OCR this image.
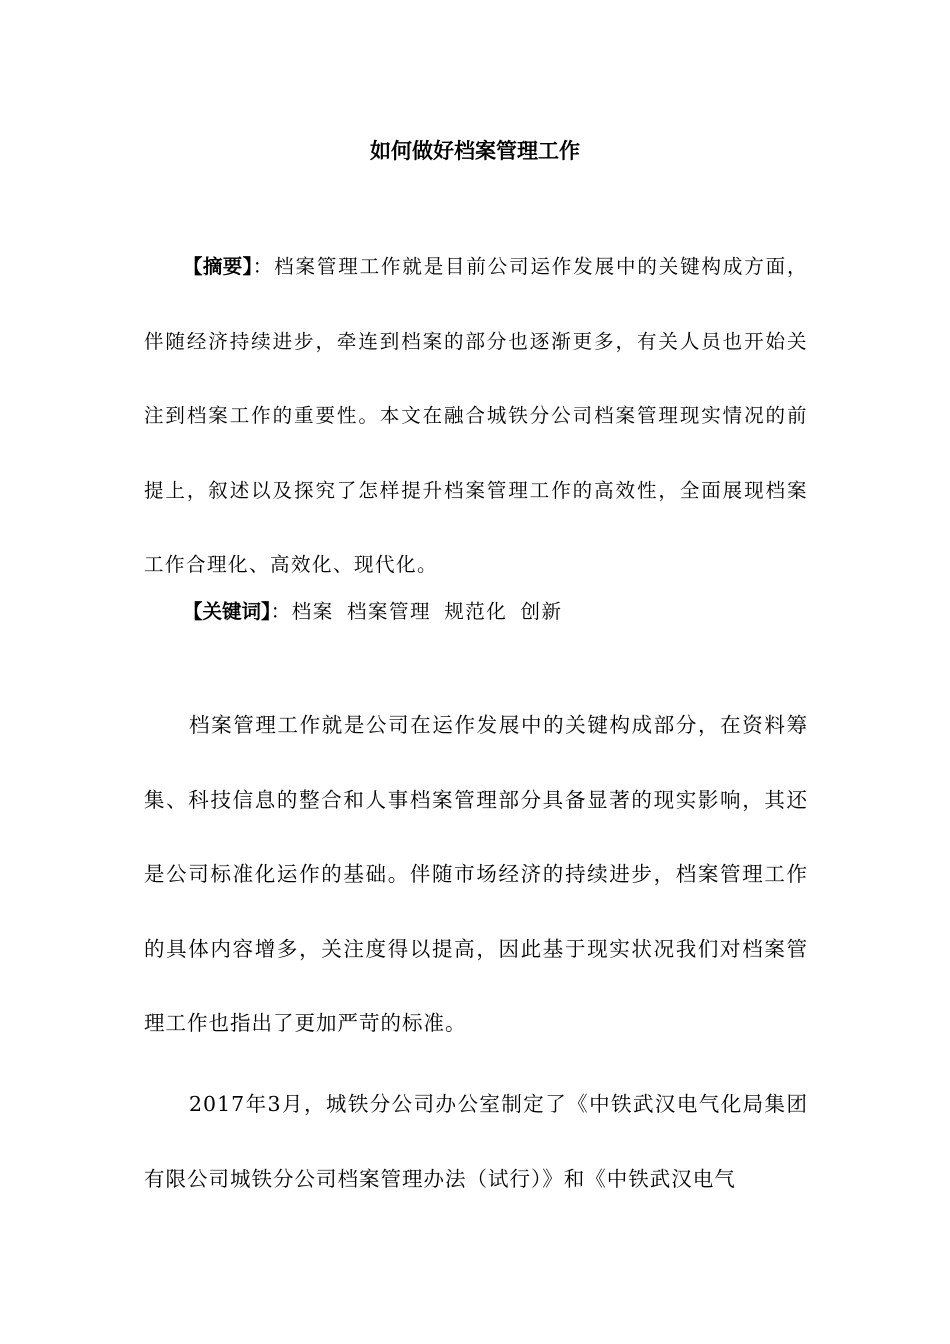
如何做好档案管理工作

【摘要】：档案管理工作就是目前公司运作发展中的关键构成方面，伴随经济持续进步，牵连到档案的部分也逐渐更多，有关人员也开始关注到档案工作的重要性。本文在融合城铁分公司档案管理现实情况的前提上，叙述以及探究了怎样提升档案管理工作的高效性，全面展现档案工作合理化、高效化、现代化。

【关键词】：档案 档案管理 规范化 创新

档案管理工作就是公司在运作发展中的关键构成部分，在资料筹集、科技信息的整合和人事档案管理部分具备显著的现实影响，其还是公司标准化运作的基础。伴随市场经济的持续进步，档案管理工作的具体内容增多，关注度得以提高，因此基于现实状况我们对档案管理工作也指出了更加严苛的标准。

2017年3月，城铁分公司办公室制定了《中铁武汉电气化局集团有限公司城铁分公司档案管理办法（试行）》和《中铁武汉电气
